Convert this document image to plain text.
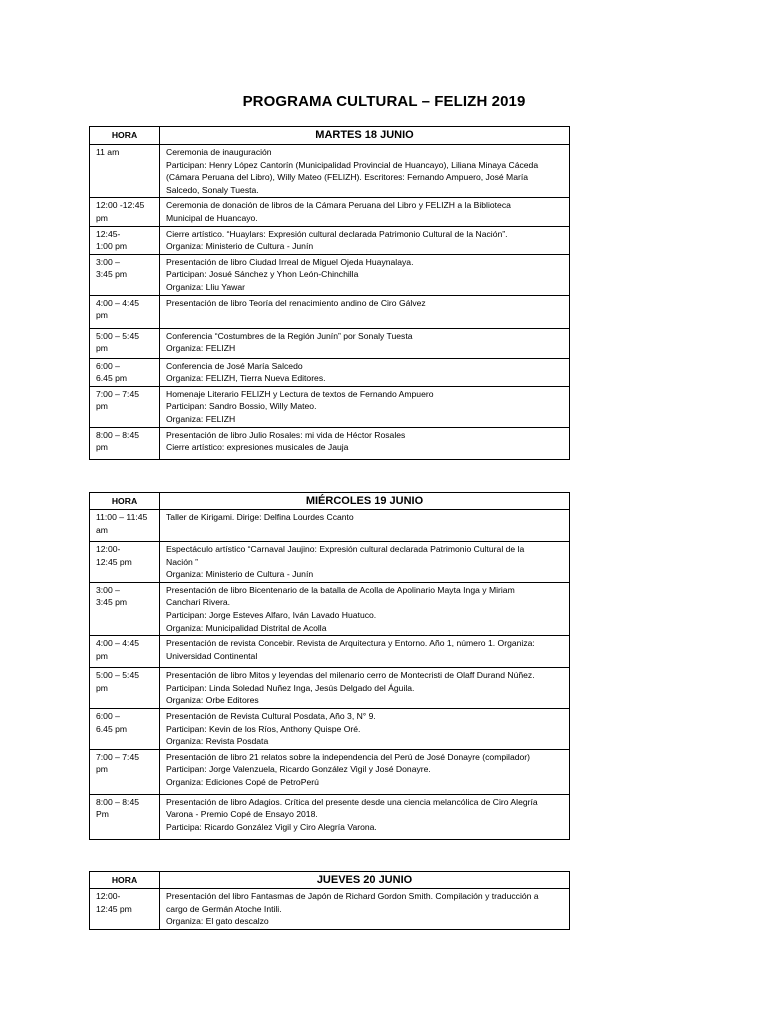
PROGRAMA CULTURAL – FELIZH 2019
HORA	MARTES 18 JUNIO

11 am	Ceremonia de inauguración
Participan: Henry López Cantorín (Municipalidad Provincial de Huancayo), Liliana Minaya Cáceda
(Cámara Peruana del Libro), Willy Mateo (FELIZH). Escritores: Fernando Ampuero, José María
Salcedo, Sonaly Tuesta.

12:00 -12:45
pm	Ceremonia de donación de libros de la Cámara Peruana del Libro y FELIZH a la Biblioteca
Municipal de Huancayo.

12:45-
1:00 pm	Cierre artístico. “Huaylars: Expresión cultural declarada Patrimonio Cultural de la Nación”.
Organiza: Ministerio de Cultura - Junín

3:00 –
3:45 pm	Presentación de libro Ciudad Irreal de Miguel Ojeda Huaynalaya.
Participan: Josué Sánchez y Yhon León-Chinchilla
Organiza: Lliu Yawar

4:00 – 4:45
pm	Presentación de libro Teoría del renacimiento andino de Ciro Gálvez

5:00 – 5:45
pm	Conferencia “Costumbres de la Región Junín” por Sonaly Tuesta
Organiza: FELIZH

6:00 –
6.45 pm	Conferencia de José María Salcedo
Organiza: FELIZH, Tierra Nueva Editores.

7:00 – 7:45
pm	Homenaje Literario FELIZH y Lectura de textos de Fernando Ampuero
Participan: Sandro Bossio, Willy Mateo.
Organiza: FELIZH

8:00 – 8:45
pm	Presentación de libro Julio Rosales: mi vida de Héctor Rosales
Cierre artístico: expresiones musicales de Jauja
HORA	MIÉRCOLES 19 JUNIO

11:00 – 11:45
am	Taller de Kirigami. Dirige: Delfina Lourdes Ccanto

12:00-
12:45 pm	Espectáculo artístico “Carnaval Jaujino: Expresión cultural declarada Patrimonio Cultural de la
Nación ”
Organiza: Ministerio de Cultura - Junín

3:00 –
3:45 pm	Presentación de libro Bicentenario de la batalla de Acolla de Apolinario Mayta Inga y Miriam
Canchari Rivera.
Participan: Jorge Esteves Alfaro, Iván Lavado Huatuco.
Organiza: Municipalidad Distrital de Acolla

4:00 – 4:45
pm	Presentación de revista Concebir. Revista de Arquitectura y Entorno. Año 1, número 1. Organiza:
Universidad Continental

5:00 – 5:45
pm	Presentación de libro Mitos y leyendas del milenario cerro de Montecristi de Olaff Durand Núñez.
Participan: Linda Soledad Nuñez Inga, Jesús Delgado del Águila.
Organiza: Orbe Editores

6:00 –
6.45 pm	Presentación de Revista Cultural Posdata, Año 3, N° 9.
Participan: Kevin de los Ríos, Anthony Quispe Oré.
Organiza: Revista Posdata

7:00 – 7:45
pm	Presentación de libro 21 relatos sobre la independencia del Perú de José Donayre (compilador)
Participan: Jorge Valenzuela, Ricardo González Vigil y José Donayre.
Organiza: Ediciones Copé de PetroPerú

8:00 – 8:45
Pm	Presentación de libro Adagios. Crítica del presente desde una ciencia melancólica de Ciro Alegría
Varona - Premio Copé de Ensayo 2018.
Participa: Ricardo González Vigil y Ciro Alegría Varona.
HORA	JUEVES 20 JUNIO

12:00-
12:45 pm	Presentación del libro Fantasmas de Japón de Richard Gordon Smith. Compilación y traducción a
cargo de Germán Atoche Intili.
Organiza: El gato descalzo
